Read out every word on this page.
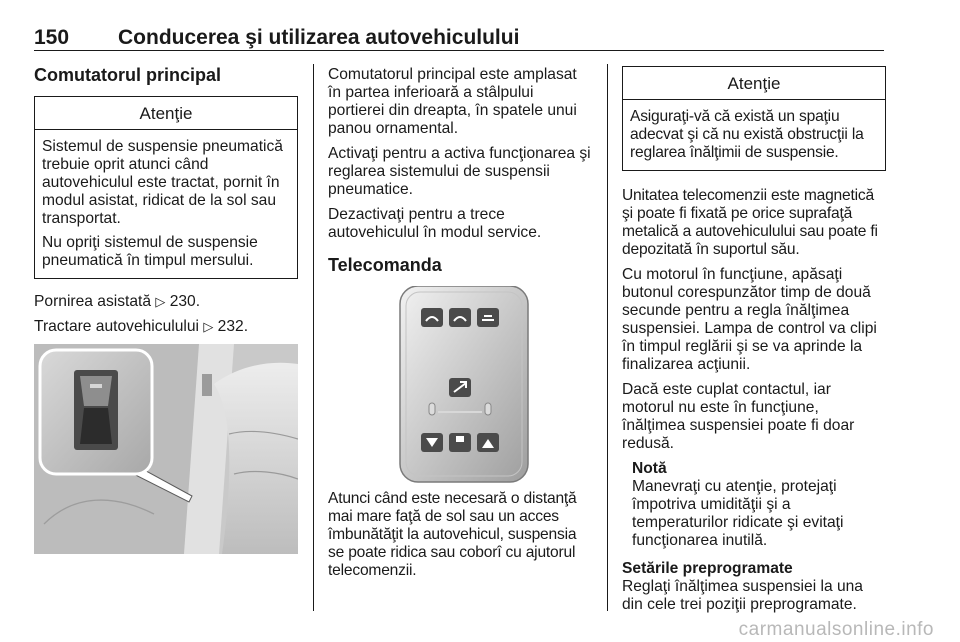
150 Conducerea şi utilizarea autovehiculului
Comutatorul principal
Atenţie

Sistemul de suspensie pneumatică trebuie oprit atunci când autovehiculul este tractat, pornit în modul asistat, ridicat de la sol sau transportat.

Nu opriţi sistemul de suspensie pneumatică în timpul mersului.

Pornirea asistată ▷ 230.

Tractare autovehiculului ▷ 232.

Comutatorul principal este amplasat în partea inferioară a stâlpului portierei din dreapta, în spatele unui panou ornamental.

Activaţi pentru a activa funcţionarea şi reglarea sistemului de suspensii pneumatice.

Dezactivaţi pentru a trece autovehiculul în modul service.

Telecomanda

Atunci când este necesară o distanţă mai mare faţă de sol sau un acces îmbunătăţit la autovehicul, suspensia se poate ridica sau coborî cu ajutorul telecomenzii.

Atenţie

Asiguraţi-vă că există un spaţiu adecvat şi că nu există obstrucţii la reglarea înălţimii de suspensie.

Unitatea telecomenzii este magnetică şi poate fi fixată pe orice suprafaţă metalică a autovehiculului sau poate fi depozitată în suportul său.

Cu motorul în funcţiune, apăsaţi butonul corespunzător timp de două secunde pentru a regla înălţimea suspensiei. Lampa de control va clipi în timpul reglării şi se va aprinde la finalizarea acţiunii.

Dacă este cuplat contactul, iar motorul nu este în funcţiune, înălţimea suspensiei poate fi doar redusă.

Notă
Manevraţi cu atenţie, protejaţi împotriva umidităţii şi a temperaturilor ridicate şi evitaţi funcţionarea inutilă.
Setările preprogramate
Reglaţi înălţimea suspensiei la una din cele trei poziţii preprogramate.
carmanualsonline.info
